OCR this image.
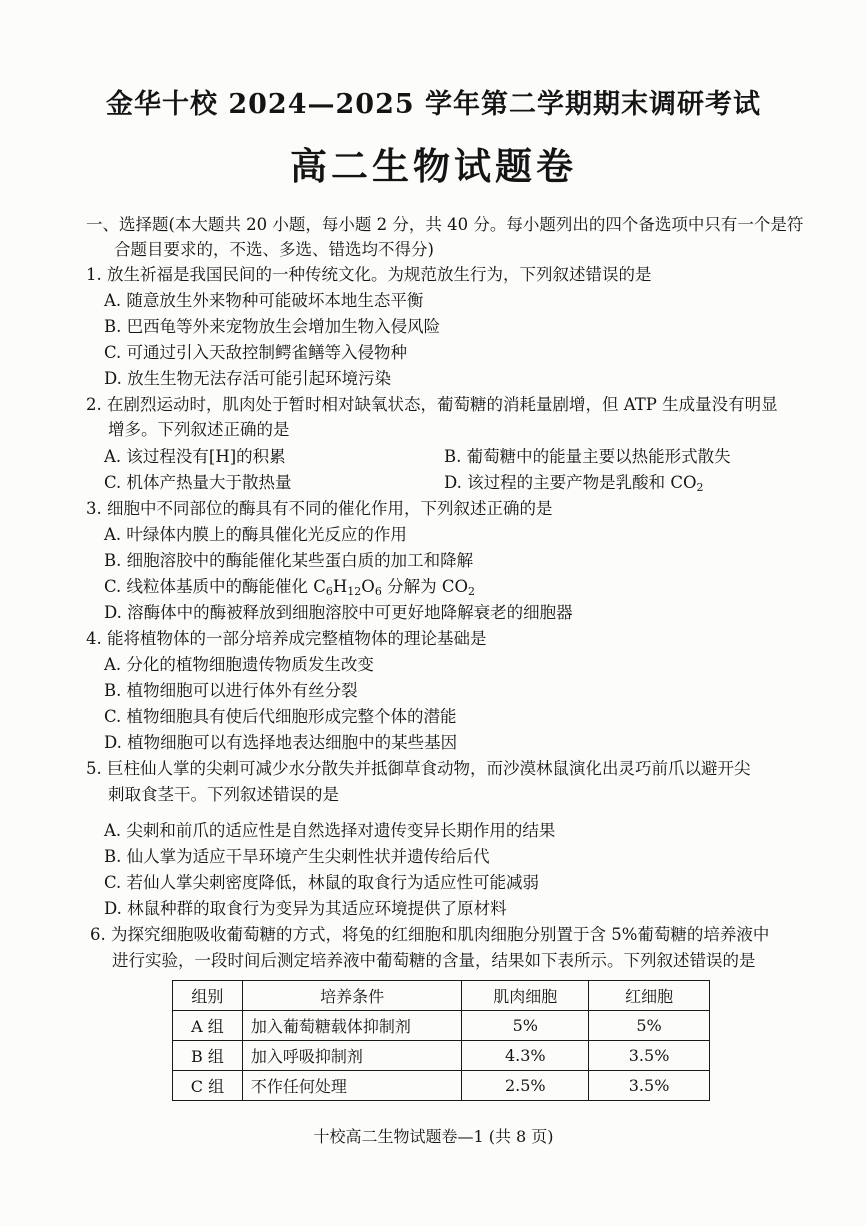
金华十校 2024—2025 学年第二学期期末调研考试
高二生物试题卷
一、选择题(本大题共 20 小题，每小题 2 分，共 40 分。每小题列出的四个备选项中只有一个是符
合题目要求的，不选、多选、错选均不得分)
1. 放生祈福是我国民间的一种传统文化。为规范放生行为，下列叙述错误的是
A. 随意放生外来物种可能破坏本地生态平衡
B. 巴西龟等外来宠物放生会增加生物入侵风险
C. 可通过引入天敌控制鳄雀鳝等入侵物种
D. 放生生物无法存活可能引起环境污染
2. 在剧烈运动时，肌肉处于暂时相对缺氧状态，葡萄糖的消耗量剧增，但 ATP 生成量没有明显
增多。下列叙述正确的是
A. 该过程没有[H]的积累	B. 葡萄糖中的能量主要以热能形式散失
C. 机体产热量大于散热量	D. 该过程的主要产物是乳酸和 $CO_2$
3. 细胞中不同部位的酶具有不同的催化作用，下列叙述正确的是
A. 叶绿体内膜上的酶具催化光反应的作用
B. 细胞溶胶中的酶能催化某些蛋白质的加工和降解
C. 线粒体基质中的酶能催化 $C_6H_{12}O_6$ 分解为 $CO_2$
D. 溶酶体中的酶被释放到细胞溶胶中可更好地降解衰老的细胞器
4. 能将植物体的一部分培养成完整植物体的理论基础是
A. 分化的植物细胞遗传物质发生改变
B. 植物细胞可以进行体外有丝分裂
C. 植物细胞具有使后代细胞形成完整个体的潜能
D. 植物细胞可以有选择地表达细胞中的某些基因
5. 巨柱仙人掌的尖刺可减少水分散失并抵御草食动物，而沙漠林鼠演化出灵巧前爪以避开尖
刺取食茎干。下列叙述错误的是
A. 尖刺和前爪的适应性是自然选择对遗传变异长期作用的结果
B. 仙人掌为适应干旱环境产生尖刺性状并遗传给后代
C. 若仙人掌尖刺密度降低，林鼠的取食行为适应性可能减弱
D. 林鼠种群的取食行为变异为其适应环境提供了原材料
6. 为探究细胞吸收葡萄糖的方式，将兔的红细胞和肌肉细胞分别置于含 5%葡萄糖的培养液中
进行实验，一段时间后测定培养液中葡萄糖的含量，结果如下表所示。下列叙述错误的是
组别	培养条件	肌肉细胞	红细胞
A 组	加入葡萄糖载体抑制剂	5%	5%
B 组	加入呼吸抑制剂	4.3%	3.5%
C 组	不作任何处理	2.5%	3.5%
十校高二生物试题卷—1 (共 8 页)
